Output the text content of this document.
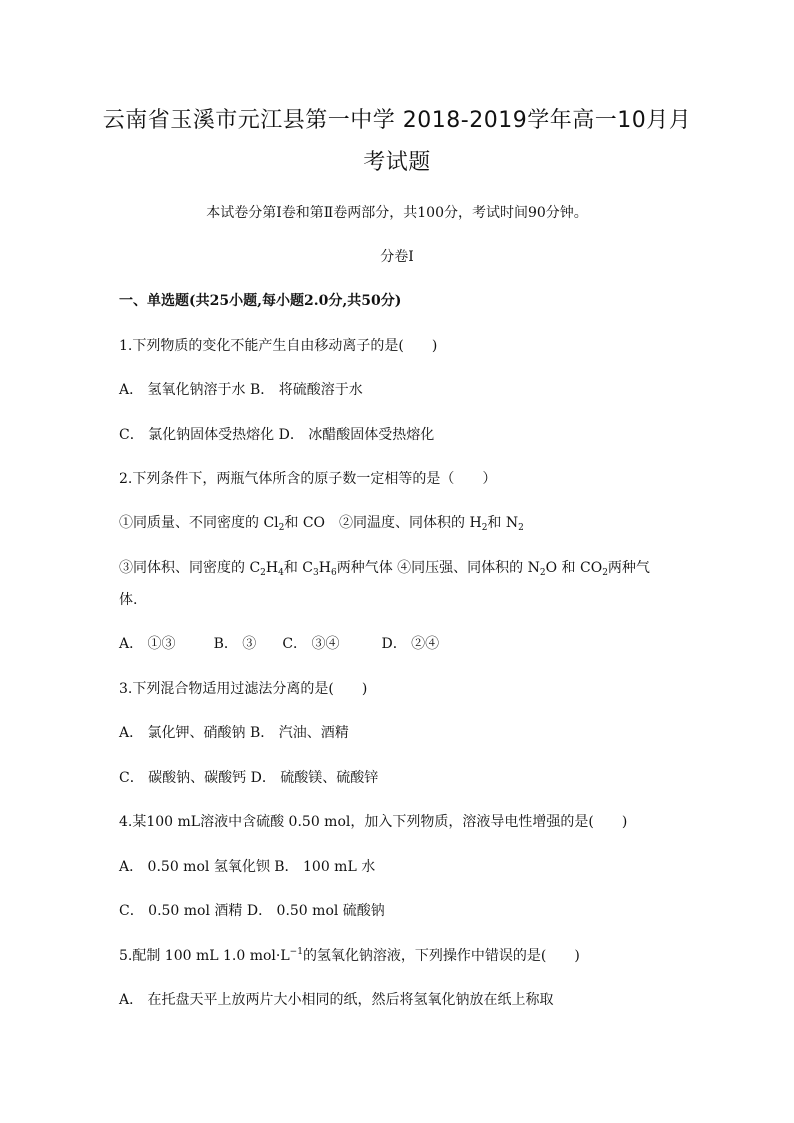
云南省玉溪市元江县第一中学 2018-2019学年高一10月月
考试题
本试卷分第Ⅰ卷和第Ⅱ卷两部分，共100分，考试时间90分钟。
分卷I
一、单选题(共25小题,每小题2.0分,共50分)
1.下列物质的变化不能产生自由移动离子的是(　　)
A． 氢氧化钠溶于水 B． 将硫酸溶于水
C． 氯化钠固体受热熔化 D． 冰醋酸固体受热熔化
2.下列条件下，两瓶气体所含的原子数一定相等的是（　　）
①同质量、不同密度的 $Cl_2$和 CO　②同温度、同体积的 $H_2$和 $N_2$
③同体积、同密度的 $C_2H_4$和 $C_3H_6$两种气体 ④同压强、同体积的 $N_2O$ 和 $CO_2$两种气
体.
A． ①③	B． ③ C． ③④	D． ②④
3.下列混合物适用过滤法分离的是(　　)
A． 氯化钾、硝酸钠 B． 汽油、酒精
C． 碳酸钠、碳酸钙 D． 硫酸镁、硫酸锌
4.某100 mL溶液中含硫酸 0.50 mol，加入下列物质，溶液导电性增强的是(　　)
A． 0.50 mol 氢氧化钡 B． 100 mL 水
C． 0.50 mol 酒精 D． 0.50 mol 硫酸钠
5.配制 100 mL 1.0 $mol\cdot L^{-1}$的氢氧化钠溶液，下列操作中错误的是(　　)
A． 在托盘天平上放两片大小相同的纸，然后将氢氧化钠放在纸上称取
